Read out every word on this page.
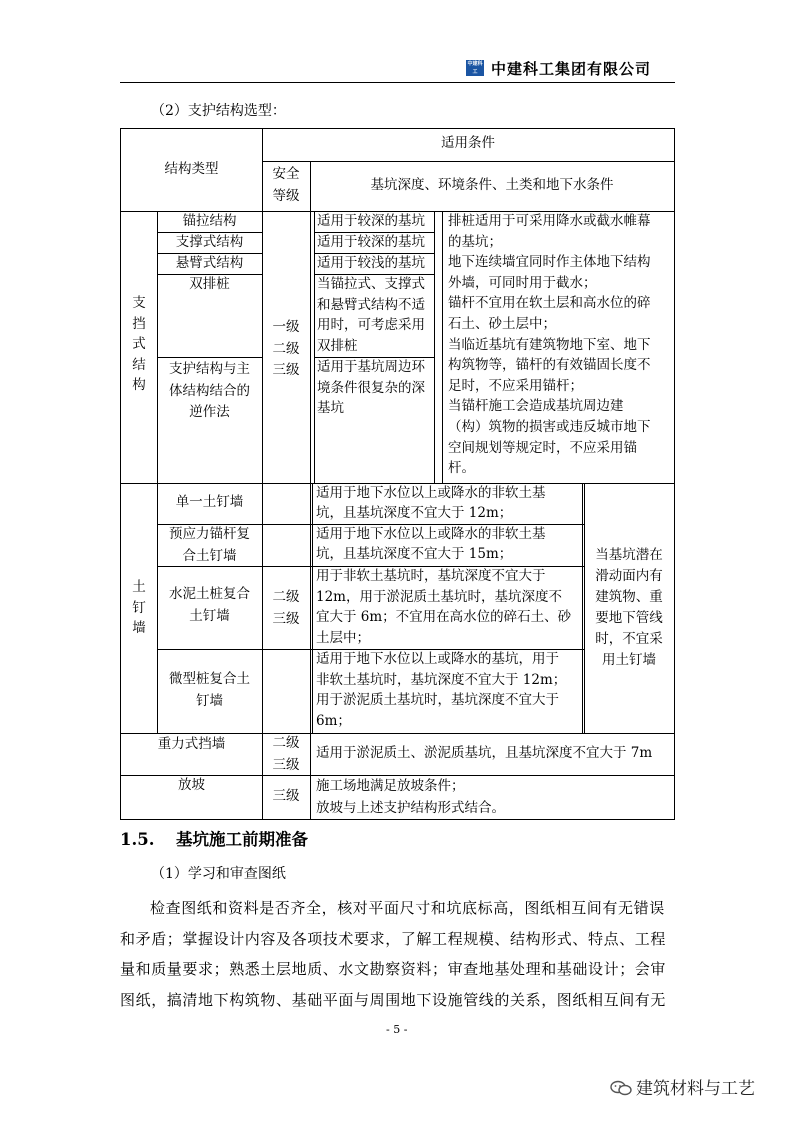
中建科工 中建科工集团有限公司
（2）支护结构选型：
结构类型
适用条件
安全
等级
基坑深度、环境条件、土类和地下水条件
支
挡
式
结
构
锚拉结构
支撑式结构
悬臂式结构
双排桩
支护结构与主
体结构结合的
逆作法
一级
二级
三级
适用于较深的基坑
适用于较深的基坑
适用于较浅的基坑
当锚拉式、支撑式
和悬臂式结构不适
用时，可考虑采用
双排桩
适用于基坑周边环
境条件很复杂的深
基坑
排桩适用于可采用降水或截水帷幕
的基坑；
地下连续墙宜同时作主体地下结构
外墙，可同时用于截水；
锚杆不宜用在软土层和高水位的碎
石土、砂土层中；
当临近基坑有建筑物地下室、地下
构筑物等，锚杆的有效锚固长度不
足时，不应采用锚杆；
当锚杆施工会造成基坑周边建
（构）筑物的损害或违反城市地下
空间规划等规定时，不应采用锚
杆。
土
钉
墙
单一土钉墙
预应力锚杆复
合土钉墙
水泥土桩复合
土钉墙
微型桩复合土
钉墙
二级
三级
适用于地下水位以上或降水的非软土基
坑，且基坑深度不宜大于 12m；
适用于地下水位以上或降水的非软土基
坑，且基坑深度不宜大于 15m；
用于非软土基坑时，基坑深度不宜大于
12m，用于淤泥质土基坑时，基坑深度不
宜大于 6m；不宜用在高水位的碎石土、砂
土层中；
适用于地下水位以上或降水的基坑，用于
非软土基坑时，基坑深度不宜大于 12m；
用于淤泥质土基坑时，基坑深度不宜大于
6m；
当基坑潜在
滑动面内有
建筑物、重
要地下管线
时，不宜采
用土钉墙
重力式挡墙	二级
三级
适用于淤泥质土、淤泥质基坑，且基坑深度不宜大于 7m
放坡
三级
施工场地满足放坡条件；
放坡与上述支护结构形式结合。
1.5. 基坑施工前期准备
（1）学习和审查图纸
检查图纸和资料是否齐全，核对平面尺寸和坑底标高，图纸相互间有无错误
和矛盾；掌握设计内容及各项技术要求，了解工程规模、结构形式、特点、工程
量和质量要求；熟悉土层地质、水文勘察资料；审查地基处理和基础设计；会审
图纸，搞清地下构筑物、基础平面与周围地下设施管线的关系，图纸相互间有无
- 5 -
建筑材料与工艺
